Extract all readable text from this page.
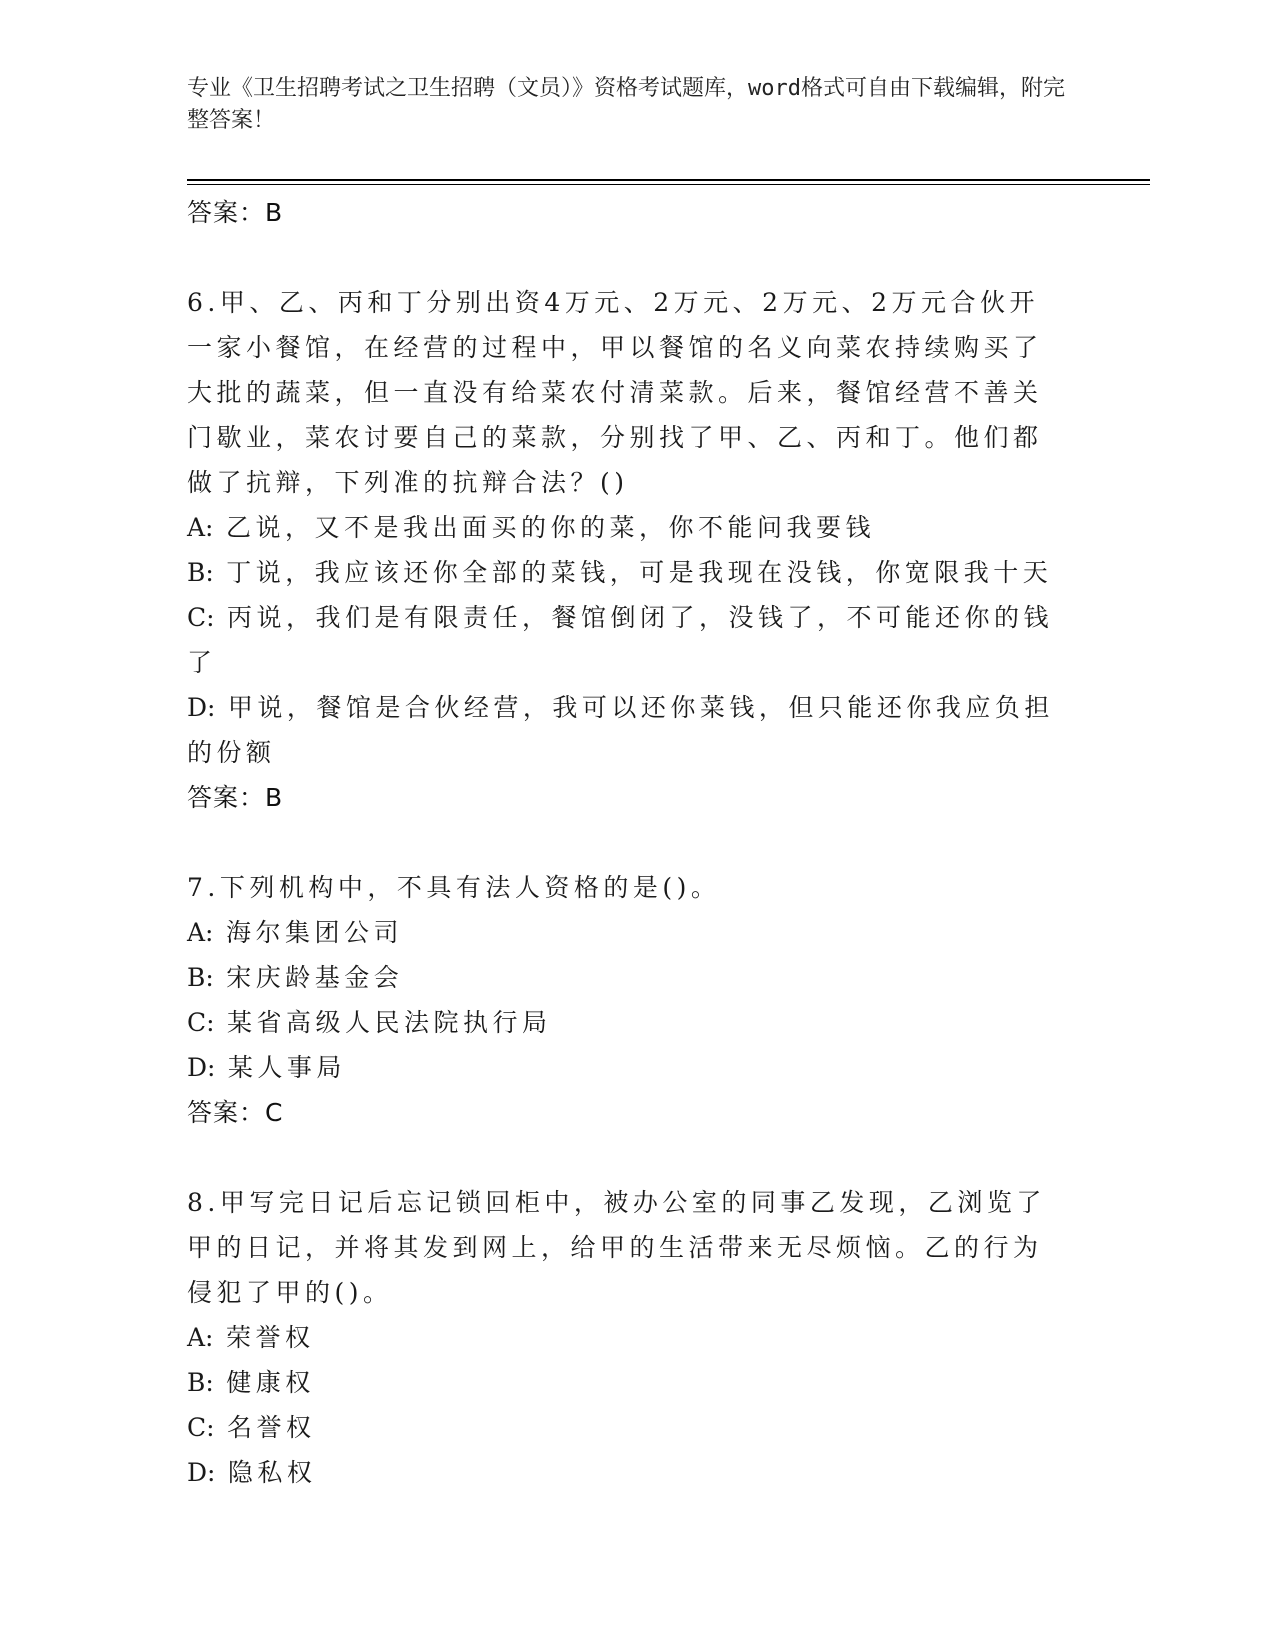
专业《卫生招聘考试之卫生招聘（文员）》资格考试题库，word格式可自由下载编辑，附完整答案！
答案：B
6.甲、乙、丙和丁分别出资4万元、2万元、2万元、2万元合伙开一家小餐馆，在经营的过程中，甲以餐馆的名义向菜农持续购买了大批的蔬菜，但一直没有给菜农付清菜款。后来，餐馆经营不善关门歇业，菜农讨要自己的菜款，分别找了甲、乙、丙和丁。他们都做了抗辩，下列准的抗辩合法？()
A: 乙说，又不是我出面买的你的菜，你不能问我要钱
B: 丁说，我应该还你全部的菜钱，可是我现在没钱，你宽限我十天
C: 丙说，我们是有限责任，餐馆倒闭了，没钱了，不可能还你的钱了
D: 甲说，餐馆是合伙经营，我可以还你菜钱，但只能还你我应负担的份额
答案：B
7.下列机构中，不具有法人资格的是()。
A: 海尔集团公司
B: 宋庆龄基金会
C: 某省高级人民法院执行局
D: 某人事局
答案：C
8.甲写完日记后忘记锁回柜中，被办公室的同事乙发现，乙浏览了甲的日记，并将其发到网上，给甲的生活带来无尽烦恼。乙的行为侵犯了甲的()。
A: 荣誉权
B: 健康权
C: 名誉权
D: 隐私权
